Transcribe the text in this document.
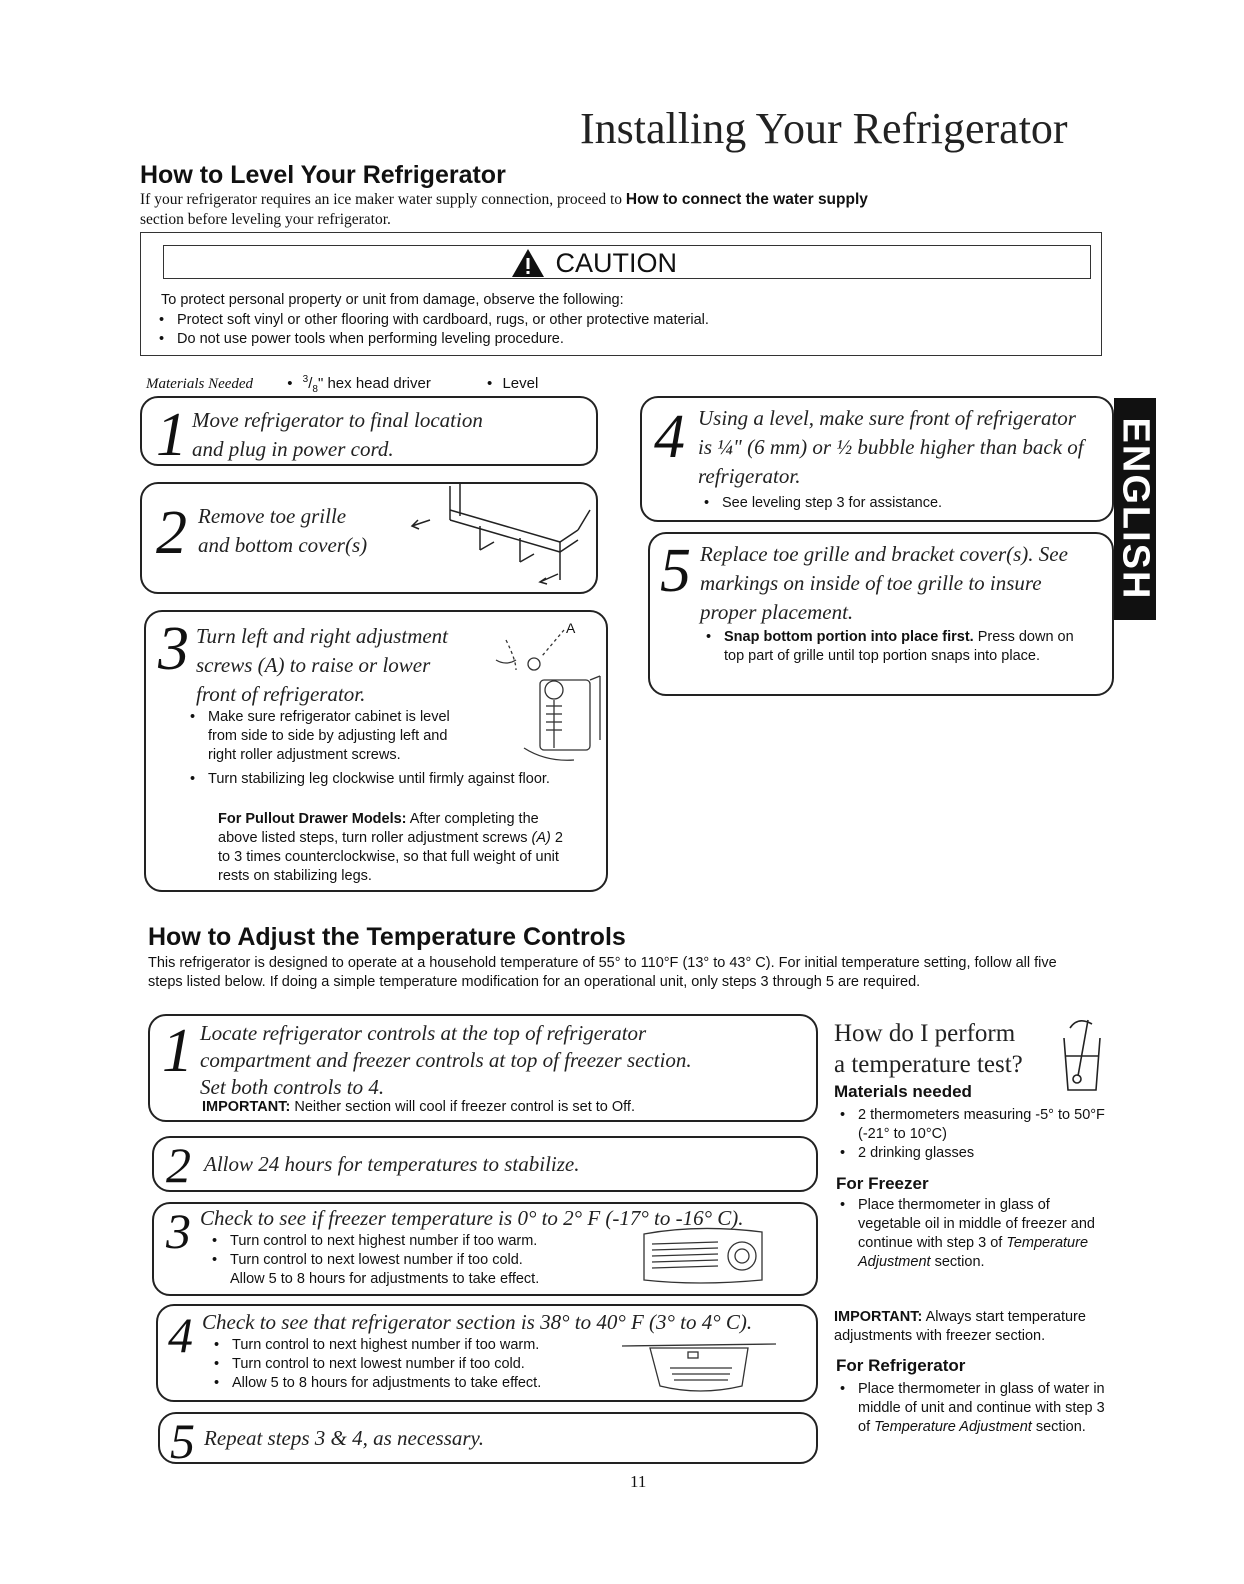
Installing Your Refrigerator
How to Level Your Refrigerator
If your refrigerator requires an ice maker water supply connection, proceed to How to connect the water supply
section before leveling your refrigerator.
CAUTION
To protect personal property or unit from damage, observe the following:
• Protect soft vinyl or other flooring with cardboard, rugs, or other protective material.
• Do not use power tools when performing leveling procedure.
Materials Needed • $^3/_8$" hex head driver	• Level
ENGLISH
1 Move refrigerator to final location and plug in power cord.
2 Remove toe grille
and bottom cover(s)
3 Turn left and right adjustment
screws (A) to raise or lower
front of refrigerator.
A
• Make sure refrigerator cabinet is level from side to side by adjusting left and right roller adjustment screws.
• Turn stabilizing leg clockwise until firmly against floor.
For Pullout Drawer Models: After completing the above listed steps, turn roller adjustment screws (A) 2 to 3 times counterclockwise, so that full weight of unit rests on stabilizing legs.
4 Using a level, make sure front of refrigerator is ¼" (6 mm) or ½ bubble higher than back of refrigerator.
• See leveling step 3 for assistance.
5 Replace toe grille and bracket cover(s). See markings on inside of toe grille to insure proper placement.
• Snap bottom portion into place first. Press down on top part of grille until top portion snaps into place.
How to Adjust the Temperature Controls
This refrigerator is designed to operate at a household temperature of 55° to 110°F (13° to 43° C). For initial temperature setting, follow all five steps listed below. If doing a simple temperature modification for an operational unit, only steps 3 through 5 are required.
1 Locate refrigerator controls at the top of refrigerator
compartment and freezer controls at top of freezer section.
Set both controls to 4.
IMPORTANT: Neither section will cool if freezer control is set to Off.
2 Allow 24 hours for temperatures to stabilize.
3 Check to see if freezer temperature is 0° to 2° F (-17° to -16° C).
• Turn control to next highest number if too warm.
• Turn control to next lowest number if too cold.
Allow 5 to 8 hours for adjustments to take effect.
4 Check to see that refrigerator section is 38° to 40° F (3° to 4° C).
• Turn control to next highest number if too warm.
• Turn control to next lowest number if too cold.
• Allow 5 to 8 hours for adjustments to take effect.
5 Repeat steps 3 & 4, as necessary.
How do I perform
a temperature test?
Materials needed
• 2 thermometers measuring -5° to 50°F (-21° to 10°C)
• 2 drinking glasses
For Freezer
• Place thermometer in glass of vegetable oil in middle of freezer and continue with step 3 of Temperature Adjustment section.
IMPORTANT: Always start temperature adjustments with freezer section.
For Refrigerator
• Place thermometer in glass of water in middle of unit and continue with step 3 of Temperature Adjustment section.
11
